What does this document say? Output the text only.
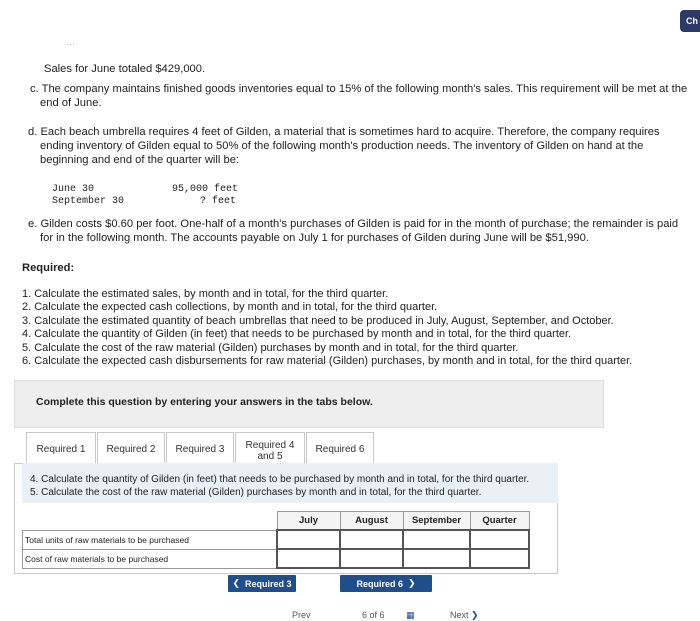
Ch
...
Sales for June totaled $429,000.
c. The company maintains finished goods inventories equal to 15% of the following month's sales. This requirement will be met at the
end of June.
d. Each beach umbrella requires 4 feet of Gilden, a material that is sometimes hard to acquire. Therefore, the company requires
ending inventory of Gilden equal to 50% of the following month's production needs. The inventory of Gilden on hand at the
beginning and end of the quarter will be:
June 30	95,000 feet
September 30	? feet
e. Gilden costs $0.60 per foot. One-half of a month's purchases of Gilden is paid for in the month of purchase; the remainder is paid
for in the following month. The accounts payable on July 1 for purchases of Gilden during June will be $51,990.
Required:
1. Calculate the estimated sales, by month and in total, for the third quarter.
2. Calculate the expected cash collections, by month and in total, for the third quarter.
3. Calculate the estimated quantity of beach umbrellas that need to be produced in July, August, September, and October.
4. Calculate the quantity of Gilden (in feet) that needs to be purchased by month and in total, for the third quarter.
5. Calculate the cost of the raw material (Gilden) purchases by month and in total, for the third quarter.
6. Calculate the expected cash disbursements for raw material (Gilden) purchases, by month and in total, for the third quarter.
Complete this question by entering your answers in the tabs below.
Required 1	Required 2	Required 3	Required 4 and 5
Required 6
4. Calculate the quantity of Gilden (in feet) that needs to be purchased by month and in total, for the third quarter.
5. Calculate the cost of the raw material (Gilden) purchases by month and in total, for the third quarter.
	July	August	September	Quarter
Total units of raw materials to be purchased				
Cost of raw materials to be purchased				
❮ Required 3	Required 6 ❯
Prev	6 of 6 ▦	Next ❯
